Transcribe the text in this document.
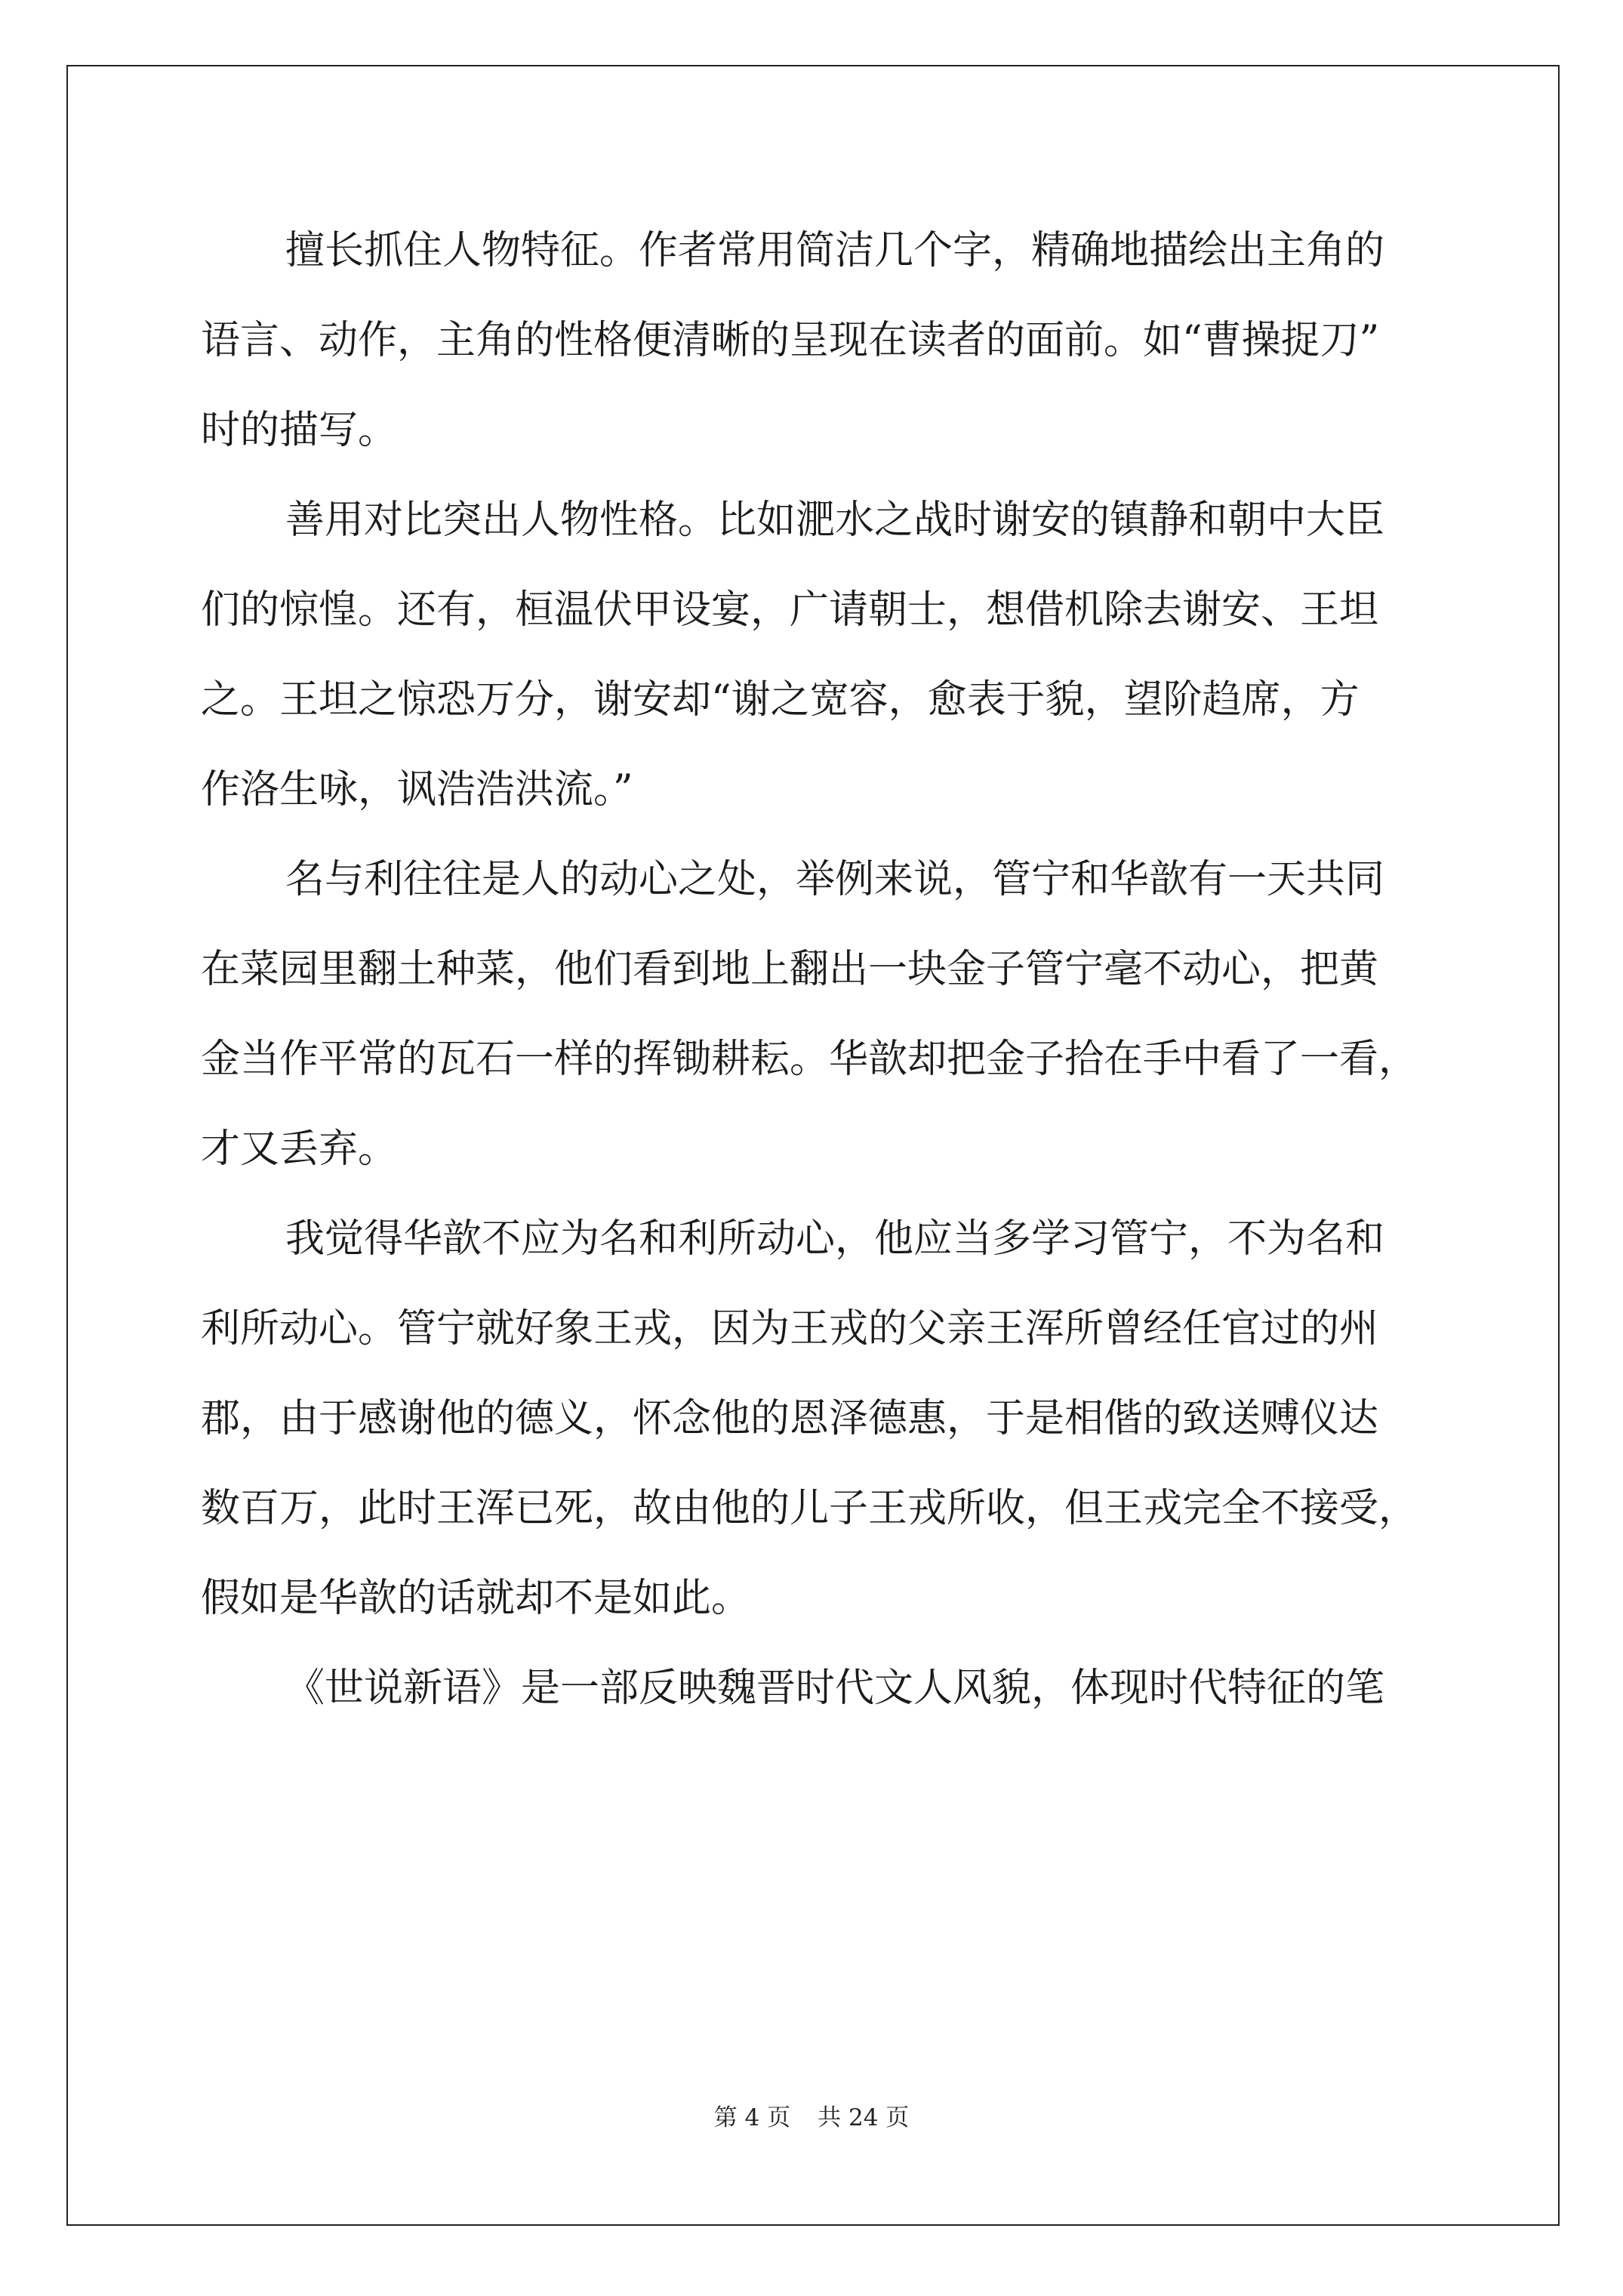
擅长抓住人物特征。作者常用简洁几个字，精确地描绘出主角的
语言、动作，主角的性格便清晰的呈现在读者的面前。如“曹操捉刀”
时的描写。
善用对比突出人物性格。比如淝水之战时谢安的镇静和朝中大臣
们的惊惶。还有，桓温伏甲设宴，广请朝士，想借机除去谢安、王坦
之。王坦之惊恐万分，谢安却“谢之宽容，愈表于貌，望阶趋席，方
作洛生咏，讽浩浩洪流。”
名与利往往是人的动心之处，举例来说，管宁和华歆有一天共同
在菜园里翻土种菜，他们看到地上翻出一块金子管宁毫不动心，把黄
金当作平常的瓦石一样的挥锄耕耘。华歆却把金子拾在手中看了一看，
才又丢弃。
我觉得华歆不应为名和利所动心，他应当多学习管宁，不为名和
利所动心。管宁就好象王戎，因为王戎的父亲王浑所曾经任官过的州
郡，由于感谢他的德义，怀念他的恩泽德惠，于是相偕的致送赙仪达
数百万，此时王浑已死，故由他的儿子王戎所收，但王戎完全不接受，
假如是华歆的话就却不是如此。
《世说新语》是一部反映魏晋时代文人风貌，体现时代特征的笔
第 4 页 共 24 页
